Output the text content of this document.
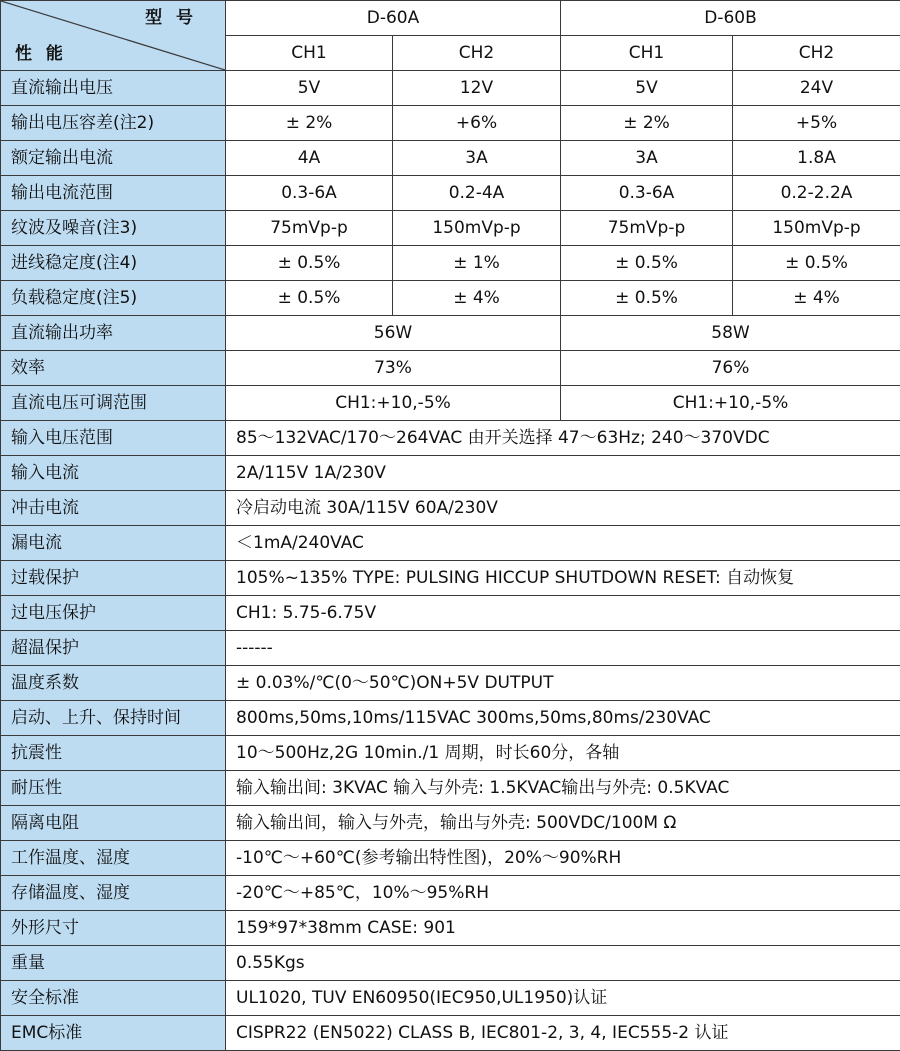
型 号
性 能	D-60A		D-60B	
	CH1	CH2	CH1	CH2
直流输出电压	5V	12V	5V	24V
输出电压容差(注2)	± 2%	+6%	± 2%	+5%
额定输出电流	4A	3A	3A	1.8A
输出电流范围	0.3-6A	0.2-4A	0.3-6A	0.2-2.2A
纹波及噪音(注3)	75mVp-p	150mVp-p	75mVp-p	150mVp-p
进线稳定度(注4)	± 0.5%	± 1%	± 0.5%	± 0.5%
负载稳定度(注5)	± 0.5%	± 4%	± 0.5%	± 4%
直流输出功率	56W		58W	
效率	73%		76%	
直流电压可调范围	CH1:+10,-5%		CH1:+10,-5%	
输入电压范围	85～132VAC/170～264VAC 由开关选择 47～63Hz; 240～370VDC			
输入电流	2A/115V 1A/230V			
冲击电流	冷启动电流 30A/115V 60A/230V			
漏电流	＜1mA/240VAC			
过载保护	105%~135% TYPE: PULSING HICCUP SHUTDOWN RESET: 自动恢复			
过电压保护	CH1: 5.75-6.75V			
超温保护	------			
温度系数	± 0.03%/℃(0～50℃)ON+5V DUTPUT			
启动、上升、保持时间	800ms,50ms,10ms/115VAC 300ms,50ms,80ms/230VAC			
抗震性	10～500Hz,2G 10min./1 周期，时长60分，各轴			
耐压性	输入输出间: 3KVAC 输入与外壳: 1.5KVAC输出与外壳: 0.5KVAC			
隔离电阻	输入输出间，输入与外壳，输出与外壳: 500VDC/100M Ω			
工作温度、湿度	-10℃～+60℃(参考输出特性图)，20%～90%RH			
存储温度、湿度	-20℃～+85℃，10%～95%RH			
外形尺寸	159*97*38mm CASE: 901			
重量	0.55Kgs			
安全标准	UL1020, TUV EN60950(IEC950,UL1950)认证			
EMC标准	CISPR22 (EN5022) CLASS B, IEC801-2, 3, 4, IEC555-2 认证			
